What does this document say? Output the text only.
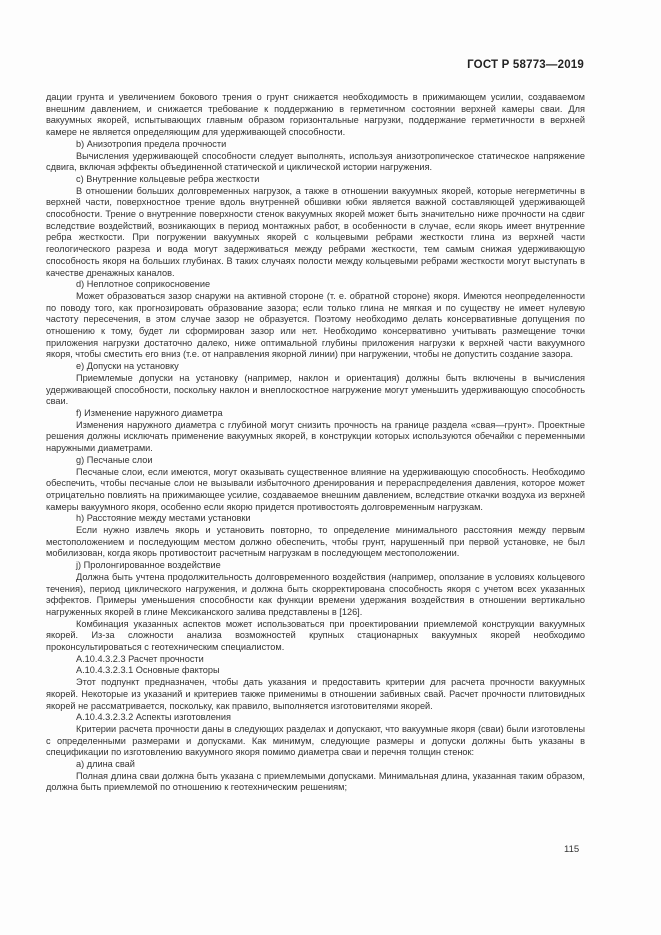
ГОСТ Р 58773—2019

дации грунта и увеличением бокового трения о грунт снижается необходимость в прижимающем усилии, создаваемом внешним давлением, и снижается требование к поддержанию в герметичном состоянии верхней камеры сваи. Для вакуумных якорей, испытывающих главным образом горизонтальные нагрузки, поддержание герметичности в верхней камере не является определяющим для удерживающей способности.

b) Анизотропия предела прочности

Вычисления удерживающей способности следует выполнять, используя анизотропическое статическое напряжение сдвига, включая эффекты объединенной статической и циклической истории нагружения.

c) Внутренние кольцевые ребра жесткости

В отношении больших долговременных нагрузок, а также в отношении вакуумных якорей, которые негерметичны в верхней части, поверхностное трение вдоль внутренней обшивки юбки является важной составляющей удерживающей способности. Трение о внутренние поверхности стенок вакуумных якорей может быть значительно ниже прочности на сдвиг вследствие воздействий, возникающих в период монтажных работ, в особенности в случае, если якорь имеет внутренние ребра жесткости. При погружении вакуумных якорей с кольцевыми ребрами жесткости глина из верхней части геологического разреза и вода могут задерживаться между ребрами жесткости, тем самым снижая удерживающую способность якоря на больших глубинах. В таких случаях полости между кольцевыми ребрами жесткости могут выступать в качестве дренажных каналов.

d) Неплотное соприкосновение

Может образоваться зазор снаружи на активной стороне (т. е. обратной стороне) якоря. Имеются неопределенности по поводу того, как прогнозировать образование зазора; если только глина не мягкая и по существу не имеет нулевую частоту пересечения, в этом случае зазор не образуется. Поэтому необходимо делать консервативные допущения по отношению к тому, будет ли сформирован зазор или нет. Необходимо консервативно учитывать размещение точки приложения нагрузки достаточно далеко, ниже оптимальной глубины приложения нагрузки к верхней части вакуумного якоря, чтобы сместить его вниз (т.е. от направления якорной линии) при нагружении, чтобы не допустить создание зазора.

e) Допуски на установку

Приемлемые допуски на установку (например, наклон и ориентация) должны быть включены в вычисления удерживающей способности, поскольку наклон и внеплоскостное нагружение могут уменьшить удерживающую способность сваи.

f) Изменение наружного диаметра

Изменения наружного диаметра с глубиной могут снизить прочность на границе раздела «свая—грунт». Проектные решения должны исключать применение вакуумных якорей, в конструкции которых используются обечайки с переменными наружными диаметрами.

g) Песчаные слои

Песчаные слои, если имеются, могут оказывать существенное влияние на удерживающую способность. Необходимо обеспечить, чтобы песчаные слои не вызывали избыточного дренирования и перераспределения давления, которое может отрицательно повлиять на прижимающее усилие, создаваемое внешним давлением, вследствие откачки воздуха из верхней камеры вакуумного якоря, особенно если якорю придется противостоять долговременным нагрузкам.

h) Расстояние между местами установки

Если нужно извлечь якорь и установить повторно, то определение минимального расстояния между первым местоположением и последующим местом должно обеспечить, чтобы грунт, нарушенный при первой установке, не был мобилизован, когда якорь противостоит расчетным нагрузкам в последующем местоположении.

j) Пролонгированное воздействие

Должна быть учтена продолжительность долговременного воздействия (например, оползание в условиях кольцевого течения), период циклического нагружения, и должна быть скорректирована способность якоря с учетом всех указанных эффектов. Примеры уменьшения способности как функции времени удержания воздействия в отношении вертикально нагруженных якорей в глине Мексиканского залива представлены в [126].

Комбинация указанных аспектов может использоваться при проектировании приемлемой конструкции вакуумных якорей. Из-за сложности анализа возможностей крупных стационарных вакуумных якорей необходимо проконсультироваться с геотехническим специалистом.

А.10.4.3.2.3 Расчет прочности

А.10.4.3.2.3.1 Основные факторы

Этот подпункт предназначен, чтобы дать указания и предоставить критерии для расчета прочности вакуумных якорей. Некоторые из указаний и критериев также применимы в отношении забивных свай. Расчет прочности плитовидных якорей не рассматривается, поскольку, как правило, выполняется изготовителями якорей.

А.10.4.3.2.3.2 Аспекты изготовления

Критерии расчета прочности даны в следующих разделах и допускают, что вакуумные якоря (сваи) были изготовлены с определенными размерами и допусками. Как минимум, следующие размеры и допуски должны быть указаны в спецификации по изготовлению вакуумного якоря помимо диаметра сваи и перечня толщин стенок:

а) длина свай

Полная длина сваи должна быть указана с приемлемыми допусками. Минимальная длина, указанная таким образом, должна быть приемлемой по отношению к геотехническим решениям;

115
